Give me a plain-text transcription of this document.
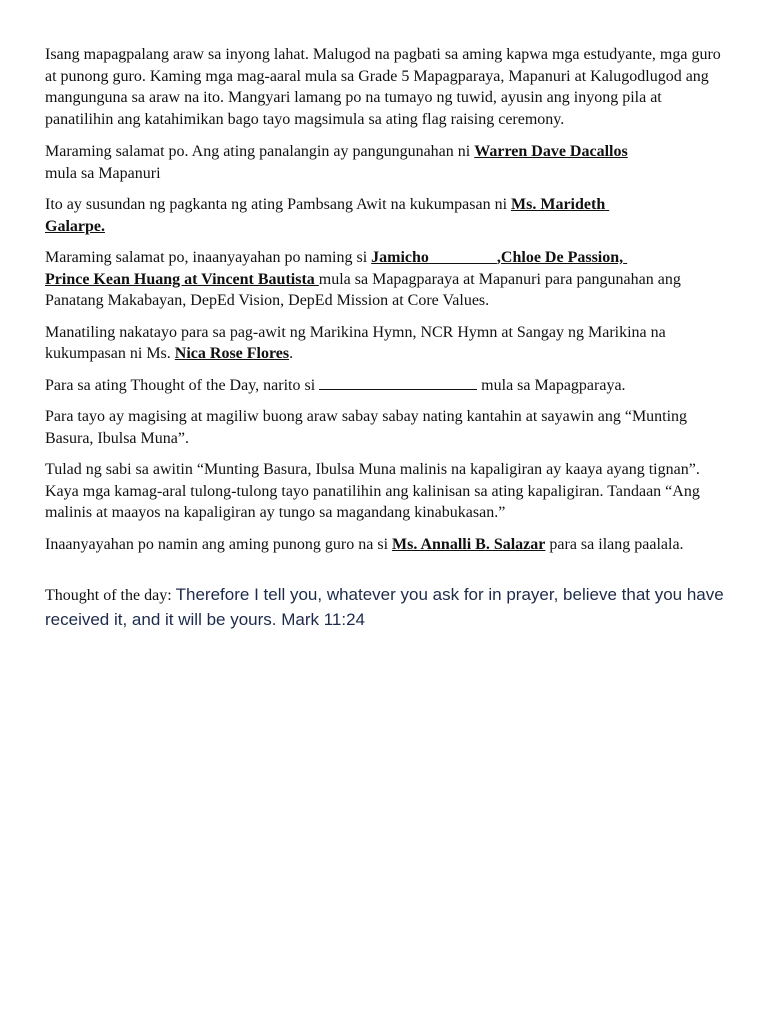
Isang mapagpalang araw sa inyong lahat. Malugod na pagbati sa aming kapwa mga estudyante, mga guro at punong guro. Kaming mga mag-aaral mula sa Grade 5 Mapagparaya, Mapanuri at Kalugodlugod ang mangunguna sa araw na ito. Mangyari lamang po na tumayo ng tuwid, ayusin ang inyong pila at panatilihin ang katahimikan bago tayo magsimula sa ating flag raising ceremony.

Maraming salamat po. Ang ating panalangin ay pangungunahan ni Warren Dave Dacallos
mula sa Mapanuri

Ito ay susundan ng pagkanta ng ating Pambsang Awit na kukumpasan ni Ms. Marideth
Galarpe.

Maraming salamat po, inaanyayahan po naming si Jamicho	,Chloe De Passion,
Prince Kean Huang at Vincent Bautista mula sa Mapagparaya at Mapanuri para pangunahan ang Panatang Makabayan, DepEd Vision, DepEd Mission at Core Values.

Manatiling nakatayo para sa pag-awit ng Marikina Hymn, NCR Hymn at Sangay ng Marikina na kukumpasan ni Ms. Nica Rose Flores.

Para sa ating Thought of the Day, narito si	mula sa Mapagparaya.

Para tayo ay magising at magiliw buong araw sabay sabay nating kantahin at sayawin ang “Munting Basura, Ibulsa Muna”.

Tulad ng sabi sa awitin “Munting Basura, Ibulsa Muna malinis na kapaligiran ay kaaya ayang tignan”. Kaya mga kamag-aral tulong-tulong tayo panatilihin ang kalinisan sa ating kapaligiran. Tandaan “Ang malinis at maayos na kapaligiran ay tungo sa magandang kinabukasan.”

Inaanyayahan po namin ang aming punong guro na si Ms. Annalli B. Salazar para sa ilang paalala.

Thought of the day: Therefore I tell you, whatever you ask for in prayer, believe that you have received it, and it will be yours. Mark 11:24
